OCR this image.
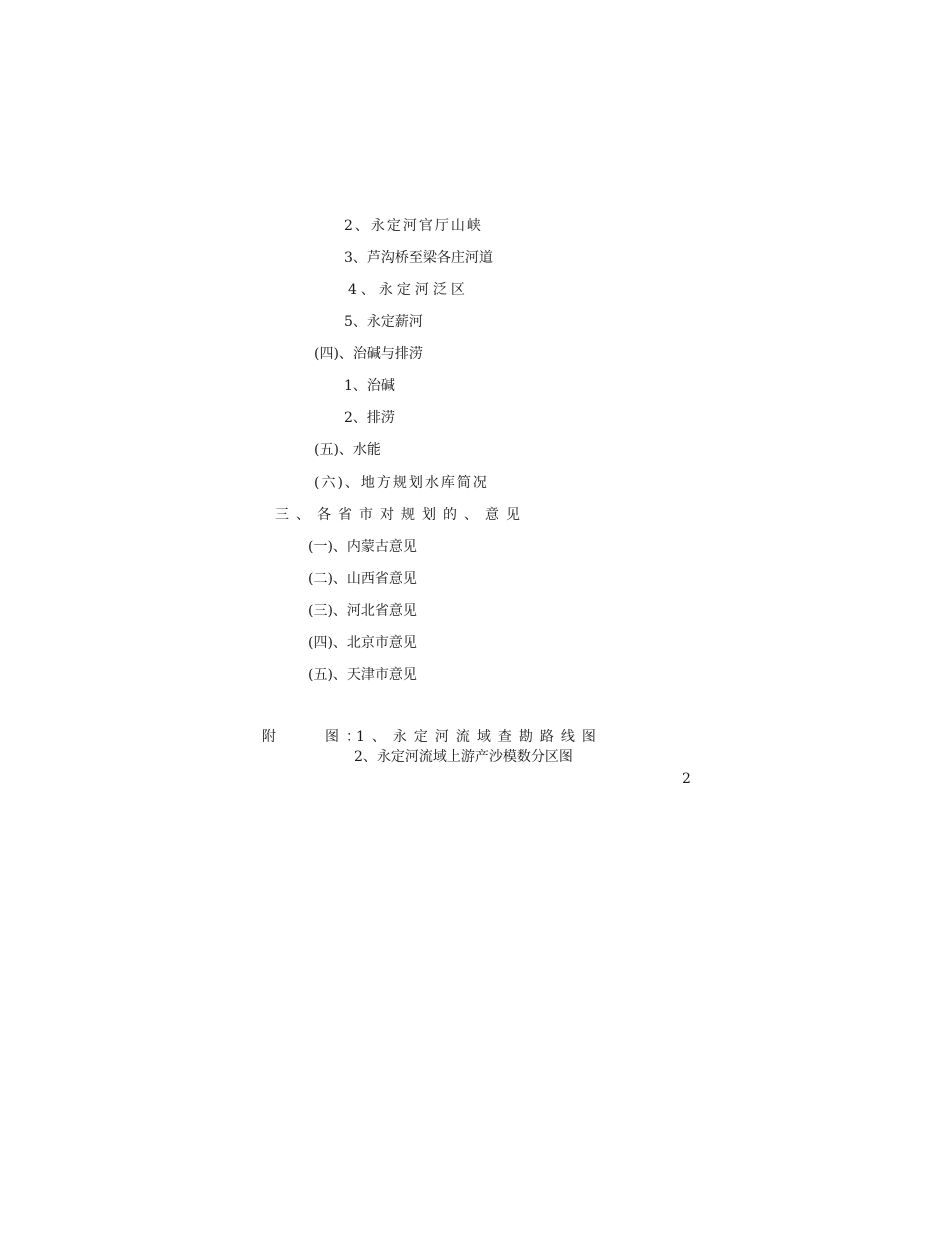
2、永定河官厅山峡
3、芦沟桥至梁各庄河道
4、永定河泛区
5、永定薪河
(四)、治碱与排涝
1、治碱
2、排涝
(五)、水能
(六)、地方规划水库简况
三、各省市对规划的、意见
(一)、内蒙古意见
(二)、山西省意见
(三)、河北省意见
(四)、北京市意见
(五)、天津市意见
附　　图：
1、永定河流域查勘路线图
2、永定河流域上游产沙模数分区图
2
